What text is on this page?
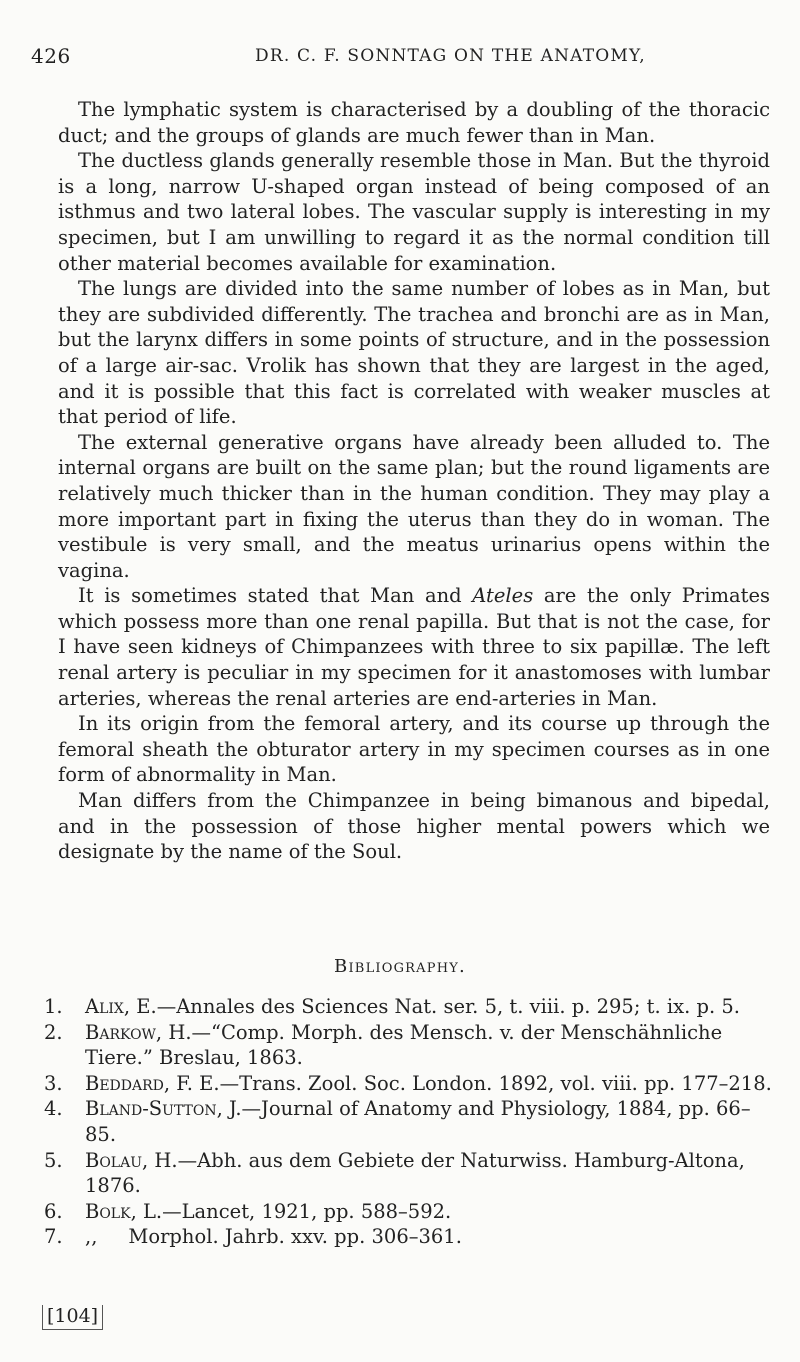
426	DR. C. F. SONNTAG ON THE ANATOMY,

The lymphatic system is characterised by a doubling of the thoracic duct; and the groups of glands are much fewer than in Man.

The ductless glands generally resemble those in Man. But the thyroid is a long, narrow U-shaped organ instead of being composed of an isthmus and two lateral lobes. The vascular supply is interesting in my specimen, but I am unwilling to regard it as the normal condition till other material becomes available for examination.

The lungs are divided into the same number of lobes as in Man, but they are subdivided differently. The trachea and bronchi are as in Man, but the larynx differs in some points of structure, and in the possession of a large air-sac. Vrolik has shown that they are largest in the aged, and it is possible that this fact is correlated with weaker muscles at that period of life.

The external generative organs have already been alluded to. The internal organs are built on the same plan; but the round ligaments are relatively much thicker than in the human condition. They may play a more important part in fixing the uterus than they do in woman. The vestibule is very small, and the meatus urinarius opens within the vagina.

It is sometimes stated that Man and Ateles are the only Primates which possess more than one renal papilla. But that is not the case, for I have seen kidneys of Chimpanzees with three to six papillæ. The left renal artery is peculiar in my specimen for it anastomoses with lumbar arteries, whereas the renal arteries are end-arteries in Man.

In its origin from the femoral artery, and its course up through the femoral sheath the obturator artery in my specimen courses as in one form of abnormality in Man.

Man differs from the Chimpanzee in being bimanous and bipedal, and in the possession of those higher mental powers which we designate by the name of the Soul.

Bibliography.

1. Alix, E.—Annales des Sciences Nat. ser. 5, t. viii. p. 295; t. ix. p. 5.

2. Barkow, H.—“Comp. Morph. des Mensch. v. der Menschähnliche Tiere.” Breslau, 1863.

3. Beddard, F. E.—Trans. Zool. Soc. London. 1892, vol. viii. pp. 177–218.

4. Bland-Sutton, J.—Journal of Anatomy and Physiology, 1884, pp. 66–85.

5. Bolau, H.—Abh. aus dem Gebiete der Naturwiss. Hamburg-Altona, 1876.

6. Bolk, L.—Lancet, 1921, pp. 588–592.

7. ,, Morphol. Jahrb. xxv. pp. 306–361.

[104]
